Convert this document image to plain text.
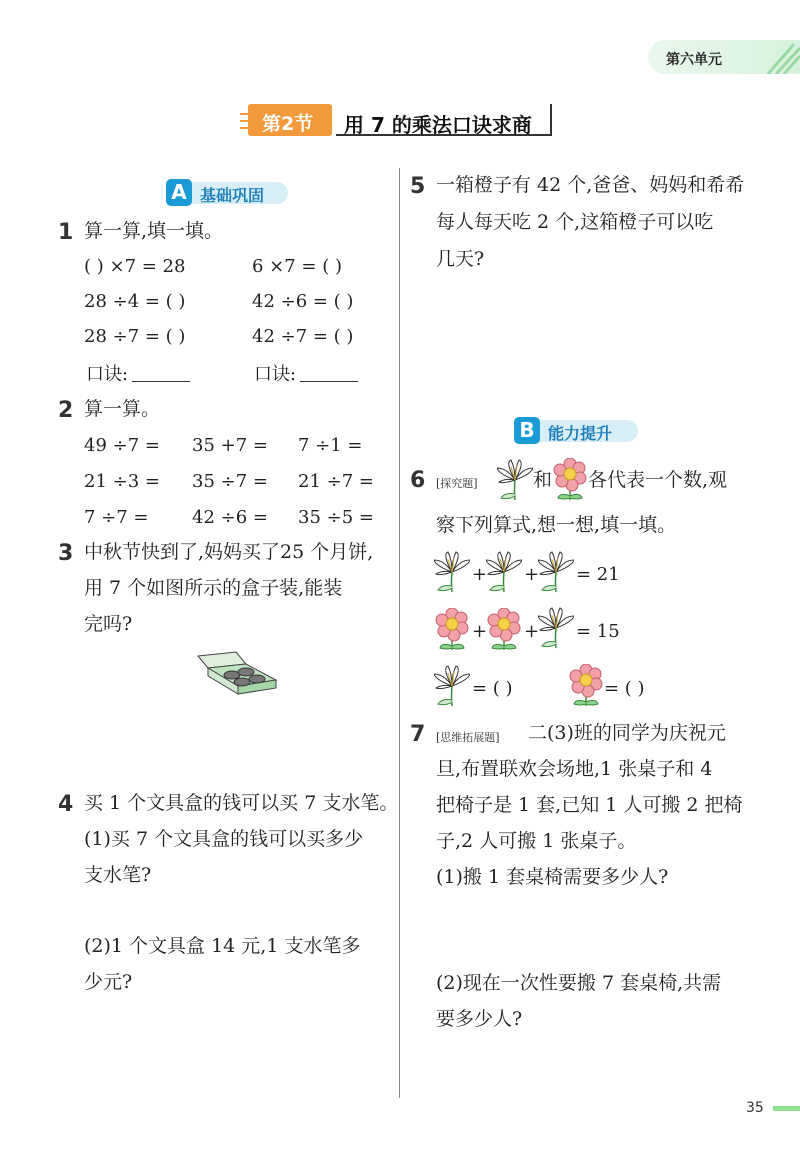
第六单元
第2节 用 7 的乘法口诀求商
A 基础巩固
1 算一算,填一填。
( ) ×7 = 28	6 ×7 = ( )
28 ÷4 = ( )	42 ÷6 = ( )
28 ÷7 = ( )	42 ÷7 = ( )
口诀:	口诀:
2 算一算。
49 ÷7 = 35 +7 = 7 ÷1 =
21 ÷3 = 35 ÷7 = 21 ÷7 =
7 ÷7 = 42 ÷6 = 35 ÷5 =
3 中秋节快到了,妈妈买了25 个月饼,
用 7 个如图所示的盒子装,能装
完吗?
4 买 1 个文具盒的钱可以买 7 支水笔。
(1)买 7 个文具盒的钱可以买多少
支水笔?
(2)1 个文具盒 14 元,1 支水笔多
少元?
5 一箱橙子有 42 个,爸爸、妈妈和希希
每人每天吃 2 个,这箱橙子可以吃
几天?
B 能力提升
6 [探究题]	和 各代表一个数,观
察下列算式,想一想,填一填。
+ + = 21
+ + = 15
= ( )	= ( )
7 [思维拓展题] 二(3)班的同学为庆祝元
旦,布置联欢会场地,1 张桌子和 4
把椅子是 1 套,已知 1 人可搬 2 把椅
子,2 人可搬 1 张桌子。
(1)搬 1 套桌椅需要多少人?
(2)现在一次性要搬 7 套桌椅,共需
要多少人?
35
